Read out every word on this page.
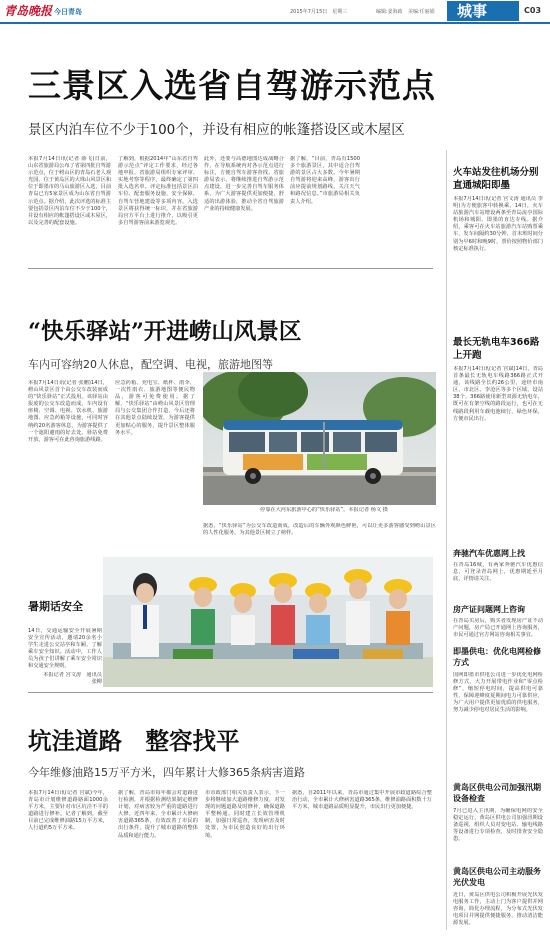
青岛晚报 今日青岛	2015年7月15日　星期三	编辑:姜海政 美编:任丽娟 城事	C03
三景区入选省自驾游示范点
景区内泊车位不少于100个，并设有相应的帐篷搭设区或木屋区
本报7月14日讯(记者 薛飞)日前，山东省旅游局公布了省第四批自驾游示范点，位于崂山区的青岛石老人观光园、位于黄岛区的大珠山风景区和位于即墨市的马山旅游区入选，目前青岛已有5家景区成为山东省自驾游示范点。据介绍，此次评选的标准主要包括景区内泊车位不少于100个，并设有相应的帐篷搭设区或木屋区，以及完善的配套设施。
了解到，根据2014年“山东省自驾游示范点”评定工作要求，经过各地申报、省旅游局组织专家评审、实地考察等程序，最终确定了第四批入选名单。评定标准包括景区泊车位、配套服务设施、安全保障、自驾车营地建设等多项内容。入选景区将获得统一标识，并在省旅游局官方平台上进行推介，以吸引更多自驾游客前来游览观光。
此外，还要与高德地图达成战略合作，在导航系统内对各示范点进行标注，方便自驾车游客查找。省旅游局表示，将继续推进自驾游示范点建设，进一步完善自驾车服务体系，为广大游客提供更加便捷、舒适的出游体验，推动全省自驾旅游产业的持续健康发展。
据了解，“目前，青岛有1500多个旅游景区，其中适合自驾游的景区占大多数。今年暑期自驾游将迎来高峰，游客出行前应提前规划路线，关注天气和路况信息。”市旅游局相关负责人介绍。
火车站发往机场分别直通城阳即墨
本报7月14日讯(记者 宫文涛 通讯员 李明)为方便旅客中转换乘，14日，火车站旅游汽车站增设两条至青岛流亭国际机场和城阳、即墨的直达专线。据介绍，乘客可在火车站旅游汽车站购票乘车，发车间隔约30分钟，首末班时间分别为早6时和晚9时，票价按照物价部门核定标准执行。
“快乐驿站”开进崂山风景区
车内可容纳20人休息，配空调、电视，旅游地图等
本报7月14日讯(记者 张鹏)14日，崂山风景区首个由公交车改装而成的“快乐驿站”正式投用。该驿站由报废的公交车改造而成，车内设有座椅、空调、电视、饮水机、旅游地图、应急药箱等设施，可同时容纳约20名游客休息，为游客提供了一个遮阳避雨的好去处。驿站免费开放，游客可在此咨询旅游线路。
应急药箱、充电宝、纸杯、雨伞、一次性雨衣、旅游地图等便民物品，游客可免费使用。据了解，“快乐驿站”由崂山风景区管理局与公交集团合作打造，今后还将在其他景点陆续设置，为游客提供更加贴心的服务，提升景区整体服务水平。
停靠在大河东旅游中心的“快乐驿站”。本报记者 杨文 摄
据悉，“快乐驿站”为公交车改造而成，改造后的车辆外观颜色鲜艳，可以让更多游客感受到崂山景区的人性化服务，为其他景区树立了榜样。
最长无轨电车366路上开跑
本报7月14日讯(记者 宫斌)14日，青岛首条最长无轨电车线路366路正式开通，该线路全长约26公里，途经市南区、市北区、李沧区等多个区域，设站38个。366路使用新型双源无轨电车，既可在有架空线的路段运行，也可在无线路段利用车载电池续行，绿色环保，方便市民出行。
暑期话安全
14日，交通运输安全开展暑期安全宣传活动，邀请20余名小学生走进公交站亭和车厢，了解乘车安全知识。活动中，工作人员为孩子们讲解了乘车安全常识和交通安全规则。
本报记者 宫文涛　通讯员 张柳
奔驰汽车优惠网上找
在青岛16城，有两家奔驰汽车优惠信息，可登录青岛网上，优惠期延至月底，详情请关注。
房产证问题网上咨询
在青岛买房后，购买者发现房产证不动产问题，房产局已开通网上咨询服务，市民可通过官方网站咨询相关事宜。
即墨供电：优化电网检修方式
国网即墨市供电公司进一步优化电网检修方式，大力开展带电作业和“零点检修”，缩短停电时间，提高供电可靠性，保障迎峰度夏期间电力可靠供应，为广大用户提供更加优质的供电服务，努力减少停电对居民生活的影响。
黄岛区供电公司加强汛期设备检查
7月已进入主汛期，为确保电网的安全稳定运行，黄岛区供电公司加强汛期设备巡视，组织人员对变电站、输电线路等设备进行专项检查，及时排查安全隐患。
黄岛区供电公司主动服务光伏发电
近日，黄岛区供电公司积极开展光伏发电服务工作，主动上门为客户提供并网咨询，简化办理流程，为分布式光伏发电项目并网提供便捷服务，推动清洁能源发展。
坑洼道路　整容找平
今年维修油路15万平方米，四年累计大修365条病害道路
本报7月14日讯(记者 宫斌)今年，青岛市计划维修道路路面1000余平方米，主要针对市区坑洼不平的道路进行修补。记者了解到，截至目前已完成维修油路15万平方米，人行道约5万平方米。
据了解，青岛市每年都会对道路进行检测，并根据检测结果制定维修计划，对病害较为严重的道路进行大修。近四年来，全市累计大修病害道路365条，有效改善了市民的出行条件，提升了城市道路的整体品质和通行能力。
市市政部门相关负责人表示，下一步将继续加大道路维修力度，对发现的问题道路及时修补，确保道路平整畅通。同时建立长效管理机制，加强日常巡查，发现病害及时处置，为市民创造良好的出行环境。
据悉，自2011年以来，青岛市通过集中开展市政道路综合整治行动，全市累计大修病害道路365条，维修油路面积数十万平方米，城市道路品质明显提升，市民出行更加便捷。
